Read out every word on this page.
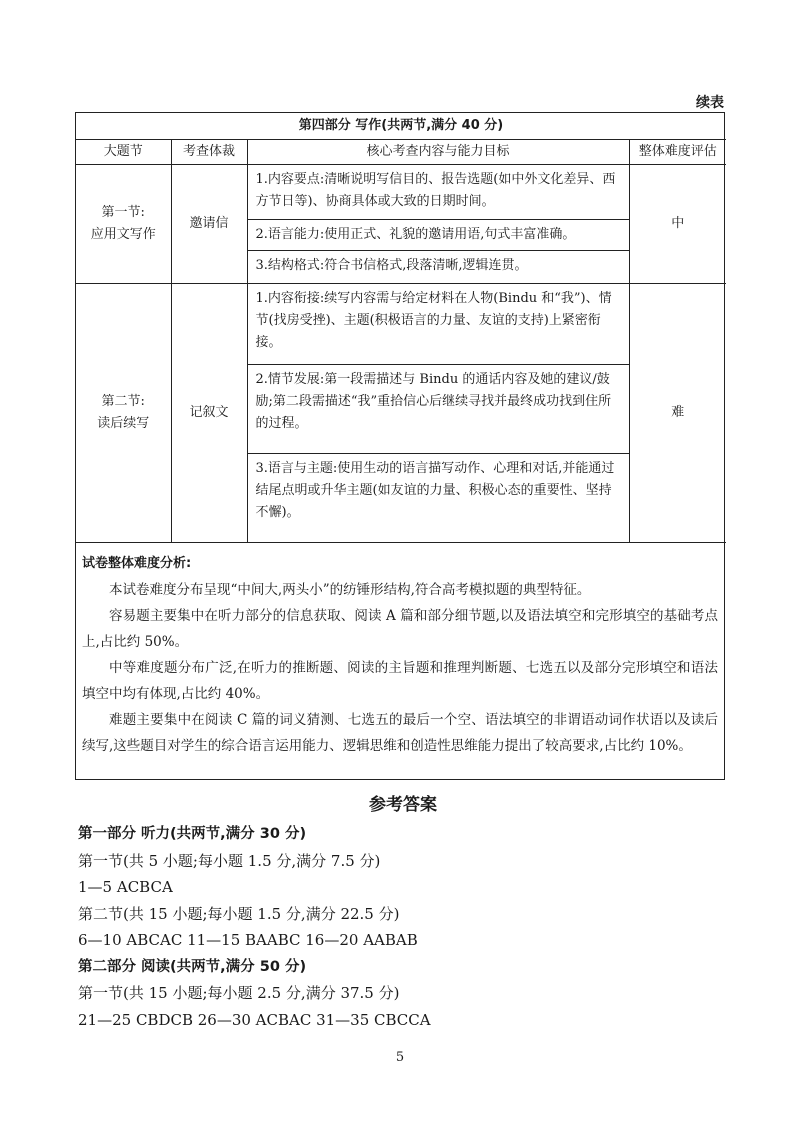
续表
第四部分 写作(共两节,满分 40 分)			
大题节	考查体裁	核心考查内容与能力目标	整体难度评估
第一节:
应用文写作	邀请信	1.内容要点:清晰说明写信目的、报告选题(如中外文化差异、西方节日等)、协商具体或大致的日期时间。	中

		2.语言能力:使用正式、礼貌的邀请用语,句式丰富准确。	

		3.结构格式:符合书信格式,段落清晰,逻辑连贯。	

第二节:
读后续写	记叙文	1.内容衔接:续写内容需与给定材料在人物(Bindu 和“我”)、情节(找房受挫)、主题(积极语言的力量、友谊的支持)上紧密衔接。	难

		2.情节发展:第一段需描述与 Bindu 的通话内容及她的建议/鼓励;第二段需描述“我”重拾信心后继续寻找并最终成功找到住所的过程。	

		3.语言与主题:使用生动的语言描写动作、心理和对话,并能通过结尾点明或升华主题(如友谊的力量、积极心态的重要性、坚持不懈)。	
试卷整体难度分析:

本试卷难度分布呈现“中间大,两头小”的纺锤形结构,符合高考模拟题的典型特征。

容易题主要集中在听力部分的信息获取、阅读 A 篇和部分细节题,以及语法填空和完形填空的基础考点上,占比约 50%。

中等难度题分布广泛,在听力的推断题、阅读的主旨题和推理判断题、七选五以及部分完形填空和语法填空中均有体现,占比约 40%。

难题主要集中在阅读 C 篇的词义猜测、七选五的最后一个空、语法填空的非谓语动词作状语以及读后续写,这些题目对学生的综合语言运用能力、逻辑思维和创造性思维能力提出了较高要求,占比约 10%。

参考答案
第一部分 听力(共两节,满分 30 分)
第一节(共 5 小题;每小题 1.5 分,满分 7.5 分)
1—5 ACBCA
第二节(共 15 小题;每小题 1.5 分,满分 22.5 分)
6—10 ABCAC 11—15 BAABC 16—20 AABAB
第二部分 阅读(共两节,满分 50 分)
第一节(共 15 小题;每小题 2.5 分,满分 37.5 分)
21—25 CBDCB 26—30 ACBAC 31—35 CBCCA
5
